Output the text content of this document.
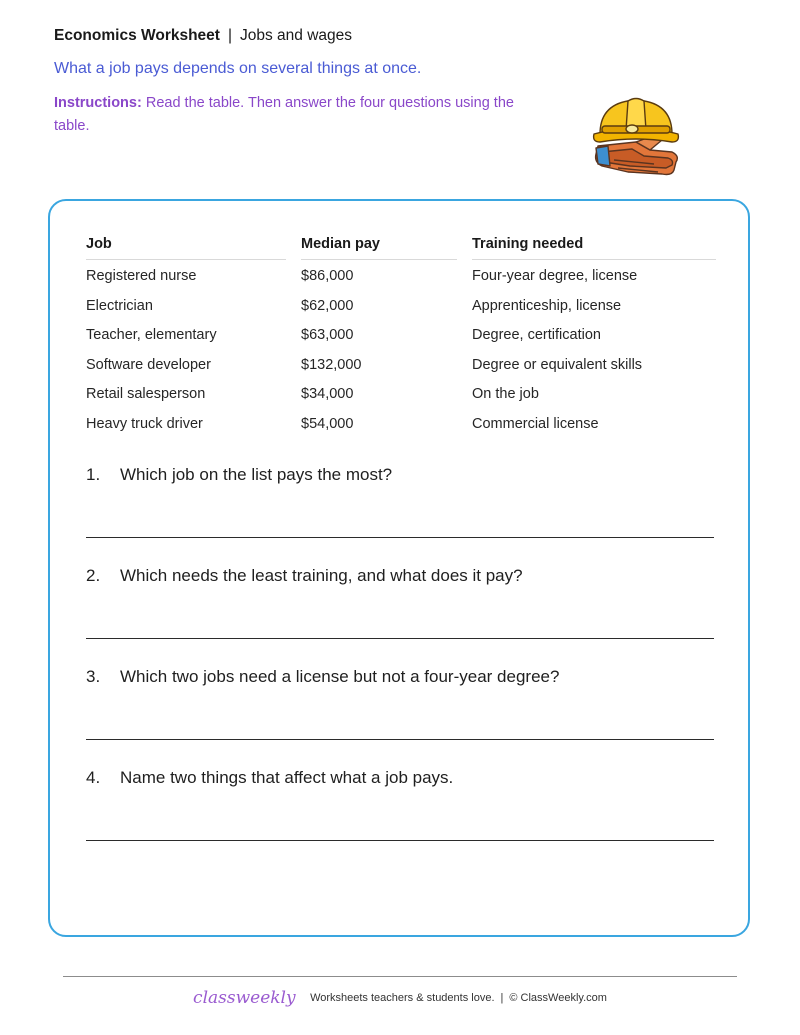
Economics Worksheet | Jobs and wages
What a job pays depends on several things at once.
Instructions: Read the table. Then answer the four questions using the table.
Job	Median pay	Training needed
Registered nurse	$86,000	Four-year degree, license
Electrician	$62,000	Apprenticeship, license
Teacher, elementary	$63,000	Degree, certification
Software developer	$132,000	Degree or equivalent skills
Retail salesperson	$34,000	On the job
Heavy truck driver	$54,000	Commercial license
1. Which job on the list pays the most?
2. Which needs the least training, and what does it pay?
3. Which two jobs need a license but not a four-year degree?
4. Name two things that affect what a job pays.
classweekly Worksheets teachers & students love. | © ClassWeekly.com
